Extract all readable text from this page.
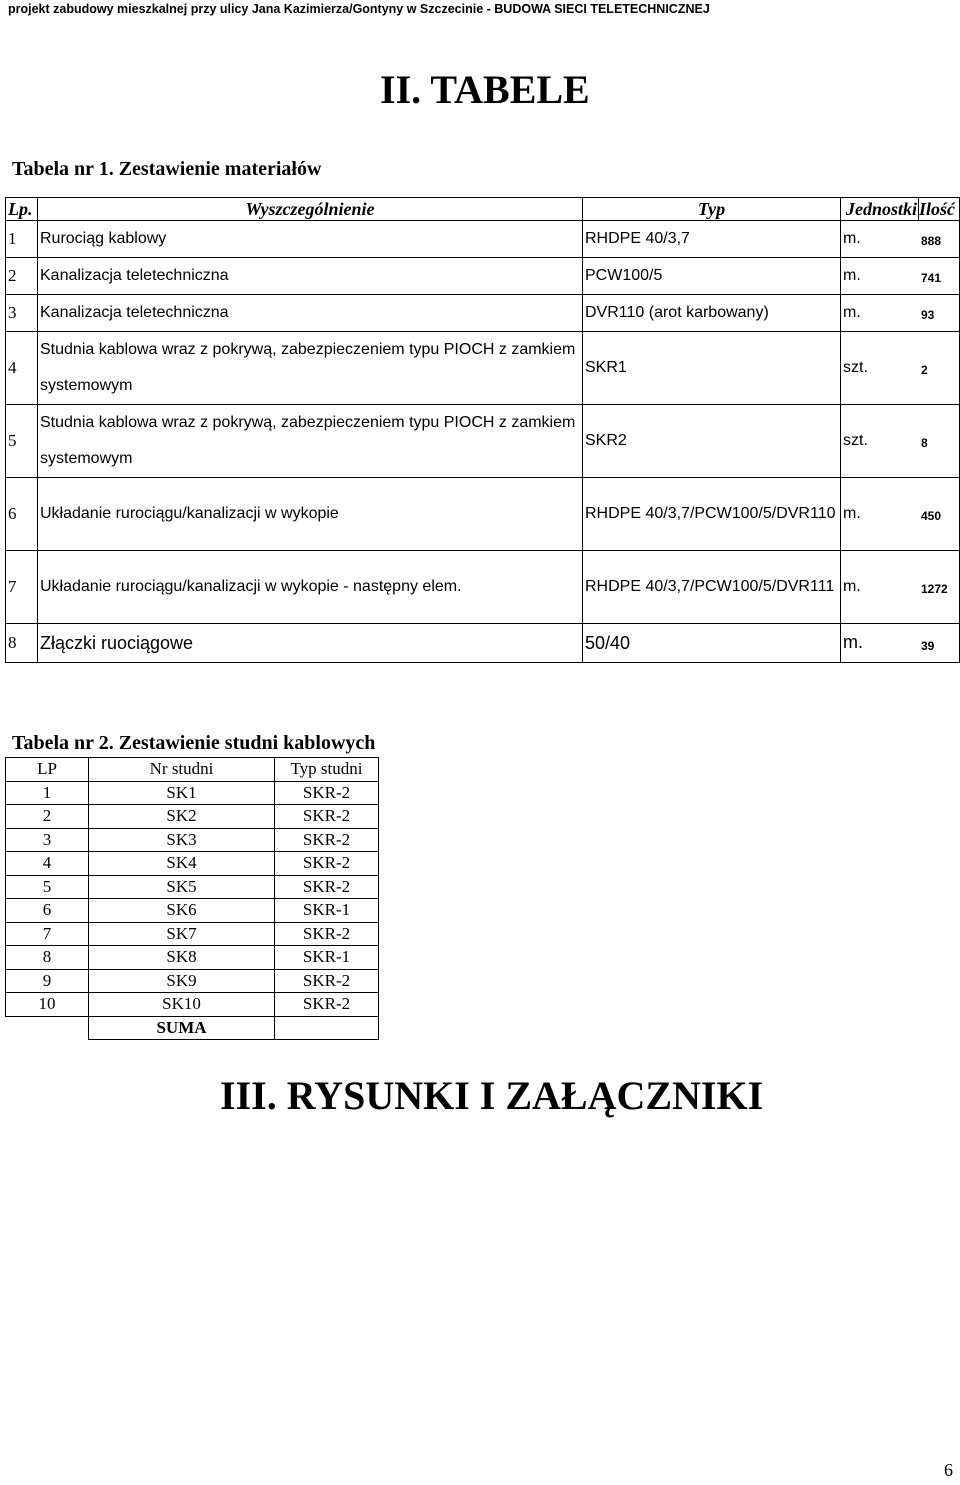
projekt zabudowy mieszkalnej przy ulicy Jana Kazimierza/Gontyny w Szczecinie - BUDOWA SIECI TELETECHNICZNEJ
II. TABELE
Tabela nr 1. Zestawienie materiałów
Lp.	Wyszczególnienie	Typ	Jednostki	Ilość
1	Rurociąg kablowy	RHDPE 40/3,7	m. 888	

2	Kanalizacja teletechniczna	PCW100/5	m. 741	

3	Kanalizacja teletechniczna	DVR110 (arot karbowany)	m. 93	

4	Studnia kablowa wraz z pokrywą, zabezpieczeniem typu PIOCH z zamkiem systemowym	SKR1	szt. 2	

5	Studnia kablowa wraz z pokrywą, zabezpieczeniem typu PIOCH z zamkiem systemowym	SKR2	szt. 8	

6	Układanie rurociągu/kanalizacji w wykopie	RHDPE 40/3,7/PCW100/5/DVR110	m. 450	

7	Układanie rurociągu/kanalizacji w wykopie - następny elem.	RHDPE 40/3,7/PCW100/5/DVR111	m. 1272	

8	Złączki ruociągowe	50/40	m. 39	
Tabela nr 2. Zestawienie studni kablowych
LP	Nr studni	Typ studni
1	SK1	SKR-2
2	SK2	SKR-2
3	SK3	SKR-2
4	SK4	SKR-2
5	SK5	SKR-2
6	SK6	SKR-1
7	SK7	SKR-2
8	SK8	SKR-1
9	SK9	SKR-2
10	SK10	SKR-2
	SUMA	
III. RYSUNKI I ZAŁĄCZNIKI
6
